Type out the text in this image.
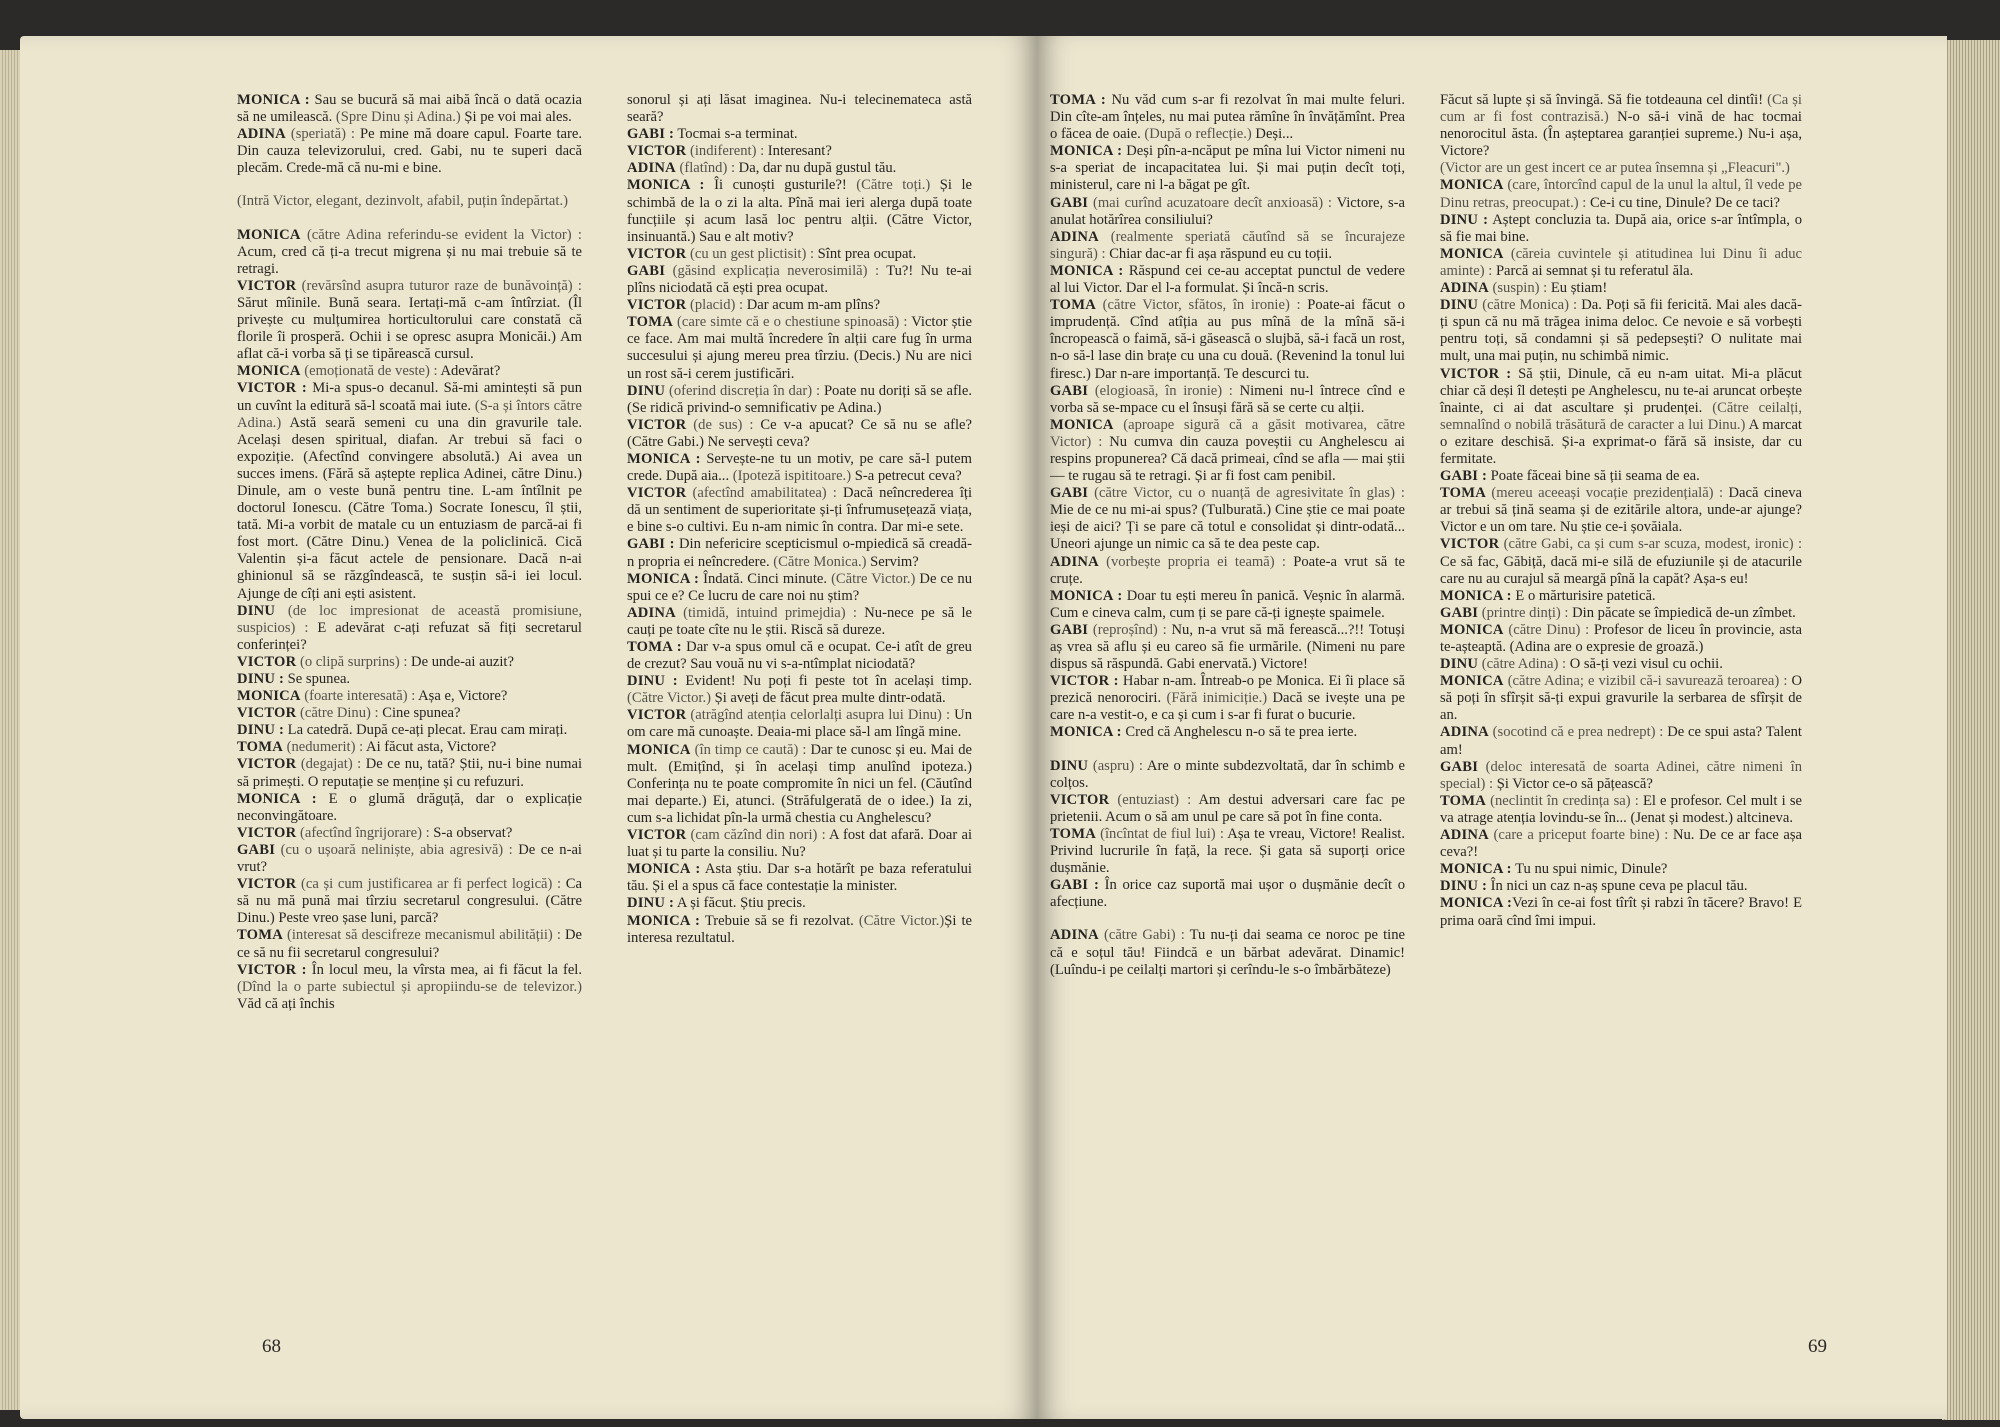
MONICA : Sau se bucură să mai aibă încă o dată ocazia să ne umilească. (Spre Dinu și Adina.) Și pe voi mai ales.

ADINA (speriată) : Pe mine mă doare capul. Foarte tare. Din cauza televizorului, cred. Gabi, nu te superi dacă plecăm. Crede-mă că nu-mi e bine.

(Intră Victor, elegant, dezinvolt, afabil, puțin îndepărtat.)

MONICA (către Adina referindu-se evident la Victor) : Acum, cred că ți-a trecut migrena și nu mai trebuie să te retragi.

VICTOR (revărsînd asupra tuturor raze de bunăvoință) : Sărut mîinile. Bună seara. Iertați-mă c-am întîrziat. (Îl privește cu mulțumirea horticultorului care constată că florile îi prosperă. Ochii i se opresc asupra Monicăi.) Am aflat că-i vorba să ți se tipărească cursul.

MONICA (emoționată de veste) : Adevărat?

VICTOR : Mi-a spus-o decanul. Să-mi amintești să pun un cuvînt la editură să-l scoată mai iute. (S-a și întors către Adina.) Astă seară semeni cu una din gravurile tale. Același desen spiritual, diafan. Ar trebui să faci o expoziție. (Afectînd convingere absolută.) Ai avea un succes imens. (Fără să aștepte replica Adinei, către Dinu.) Dinule, am o veste bună pentru tine. L-am întîlnit pe doctorul Ionescu. (Către Toma.) Socrate Ionescu, îl știi, tată. Mi-a vorbit de matale cu un entuziasm de parcă-ai fi fost mort. (Către Dinu.) Venea de la policlinică. Cică Valentin și-a făcut actele de pensionare. Dacă n-ai ghinionul să se răzgîndească, te susțin să-i iei locul. Ajunge de cîți ani ești asistent.

DINU (de loc impresionat de această promisiune, suspicios) : E adevărat c-ați refuzat să fiți secretarul conferinței?

VICTOR (o clipă surprins) : De unde-ai auzit?

DINU : Se spunea.

MONICA (foarte interesată) : Așa e, Victore?

VICTOR (către Dinu) : Cine spunea?

DINU : La catedră. După ce-ați plecat. Erau cam mirați.

TOMA (nedumerit) : Ai făcut asta, Victore?

VICTOR (degajat) : De ce nu, tată? Știi, nu-i bine numai să primești. O reputație se menține și cu refuzuri.

MONICA : E o glumă drăguță, dar o explicație neconvingătoare.

VICTOR (afectînd îngrijorare) : S-a observat?

GABI (cu o ușoară neliniște, abia agresivă) : De ce n-ai vrut?

VICTOR (ca și cum justificarea ar fi perfect logică) : Ca să nu mă pună mai tîrziu secretarul congresului. (Către Dinu.) Peste vreo șase luni, parcă?

TOMA (interesat să descifreze mecanismul abilității) : De ce să nu fii secretarul congresului?

VICTOR : În locul meu, la vîrsta mea, ai fi făcut la fel. (Dînd la o parte subiectul și apropiindu-se de televizor.) Văd că ați închis

sonorul și ați lăsat imaginea. Nu-i telecinemateca astă seară?

GABI : Tocmai s-a terminat.

VICTOR (indiferent) : Interesant?

ADINA (flatînd) : Da, dar nu după gustul tău.

MONICA : Îi cunoști gusturile?! (Către toți.) Și le schimbă de la o zi la alta. Pînă mai ieri alerga după toate funcțiile și acum lasă loc pentru alții. (Către Victor, insinuantă.) Sau e alt motiv?

VICTOR (cu un gest plictisit) : Sînt prea ocupat.

GABI (găsind explicația neverosimilă) : Tu?! Nu te-ai plîns niciodată că ești prea ocupat.

VICTOR (placid) : Dar acum m-am plîns?

TOMA (care simte că e o chestiune spinoasă) : Victor știe ce face. Am mai multă încredere în alții care fug în urma succesului și ajung mereu prea tîrziu. (Decis.) Nu are nici un rost să-i cerem justificări.

DINU (oferind discreția în dar) : Poate nu doriți să se afle. (Se ridică privind-o semnificativ pe Adina.)

VICTOR (de sus) : Ce v-a apucat? Ce să nu se afle? (Către Gabi.) Ne servești ceva?

MONICA : Servește-ne tu un motiv, pe care să-l putem crede. După aia... (Ipoteză ispititoare.) S-a petrecut ceva?

VICTOR (afectînd amabilitatea) : Dacă neîncrederea îți dă un sentiment de superioritate și-ți înfrumusețează viața, e bine s-o cultivi. Eu n-am nimic în contra. Dar mi-e sete.

GABI : Din nefericire scepticismul o-mpiedică să creadă-n propria ei neîncredere. (Către Monica.) Servim?

MONICA : Îndată. Cinci minute. (Către Victor.) De ce nu spui ce e? Ce lucru de care noi nu știm?

ADINA (timidă, intuind primejdia) : Nu-nece pe să le cauți pe toate cîte nu le știi. Riscă să dureze.

TOMA : Dar v-a spus omul că e ocupat. Ce-i atît de greu de crezut? Sau vouă nu vi s-a-ntîmplat niciodată?

DINU : Evident! Nu poți fi peste tot în același timp. (Către Victor.) Și aveți de făcut prea multe dintr-odată.

VICTOR (atrăgînd atenția celorlalți asupra lui Dinu) : Un om care mă cunoaște. Deaia-mi place să-l am lîngă mine.

MONICA (în timp ce caută) : Dar te cunosc și eu. Mai de mult. (Emițînd, și în același timp anulînd ipoteza.) Conferința nu te poate compromite în nici un fel. (Căutînd mai departe.) Ei, atunci. (Străfulgerată de o idee.) Ia zi, cum s-a lichidat pîn-la urmă chestia cu Anghelescu?

VICTOR (cam căzînd din nori) : A fost dat afară. Doar ai luat și tu parte la consiliu. Nu?

MONICA : Asta știu. Dar s-a hotărît pe baza referatului tău. Și el a spus că face contestație la minister.

DINU : A și făcut. Știu precis.

MONICA : Trebuie să se fi rezolvat. (Către Victor.)Și te interesa rezultatul.

TOMA : Nu văd cum s-ar fi rezolvat în mai multe feluri. Din cîte-am înțeles, nu mai putea rămîne în învățămînt. Prea o făcea de oaie. (După o reflecție.) Deși...

MONICA : Deși pîn-a-ncăput pe mîna lui Victor nimeni nu s-a speriat de incapacitatea lui. Și mai puțin decît toți, ministerul, care ni l-a băgat pe gît.

GABI (mai curînd acuzatoare decît anxioasă) : Victore, s-a anulat hotărîrea consiliului?

ADINA (realmente speriată căutînd să se încurajeze singură) : Chiar dac-ar fi așa răspund eu cu toții.

MONICA : Răspund cei ce-au acceptat punctul de vedere al lui Victor. Dar el l-a formulat. Și încă-n scris.

TOMA (către Victor, sfătos, în ironie) : Poate-ai făcut o imprudență. Cînd atîția au pus mînă de la mînă să-i încropească o faimă, să-i găsească o slujbă, să-i facă un rost, n-o să-l lase din brațe cu una cu două. (Revenind la tonul lui firesc.) Dar n-are importanță. Te descurci tu.

GABI (elogioasă, în ironie) : Nimeni nu-l întrece cînd e vorba să se-mpace cu el însuși fără să se certe cu alții.

MONICA (aproape sigură că a găsit motivarea, către Victor) : Nu cumva din cauza poveștii cu Anghelescu ai respins propunerea? Că dacă primeai, cînd se afla — mai știi — te rugau să te retragi. Și ar fi fost cam penibil.

GABI (către Victor, cu o nuanță de agresivitate în glas) : Mie de ce nu mi-ai spus? (Tulburată.) Cine știe ce mai poate ieși de aici? Ți se pare că totul e consolidat și dintr-odată... Uneori ajunge un nimic ca să te dea peste cap.

ADINA (vorbește propria ei teamă) : Poate-a vrut să te cruțe.

MONICA : Doar tu ești mereu în panică. Veșnic în alarmă. Cum e cineva calm, cum ți se pare că-ți ignește spaimele.

GABI (reproșînd) : Nu, n-a vrut să mă ferească...?!! Totuși aș vrea să aflu și eu careo să fie urmările. (Nimeni nu pare dispus să răspundă. Gabi enervată.) Victore!

VICTOR : Habar n-am. Întreab-o pe Monica. Ei îi place să prezică nenorociri. (Fără inimiciție.) Dacă se ivește una pe care n-a vestit-o, e ca și cum i s-ar fi furat o bucurie.

MONICA : Cred că Anghelescu n-o să te prea ierte.

DINU (aspru) : Are o minte subdezvoltată, dar în schimb e colțos.

VICTOR (entuziast) : Am destui adversari care fac pe prietenii. Acum o să am unul pe care să pot în fine conta.

TOMA (încîntat de fiul lui) : Așa te vreau, Victore! Realist. Privind lucrurile în față, la rece. Și gata să suporți orice dușmănie.

GABI : În orice caz suportă mai ușor o dușmănie decît o afecțiune.

ADINA (către Gabi) : Tu nu-ți dai seama ce noroc pe tine că e soțul tău! Fiindcă e un bărbat adevărat. Dinamic! (Luîndu-i pe ceilalți martori și cerîndu-le s-o îmbărbăteze)

Făcut să lupte și să învingă. Să fie totdeauna cel dintîi! (Ca și cum ar fi fost contrazisă.) N-o să-i vină de hac tocmai nenorocitul ăsta. (În așteptarea garanției supreme.) Nu-i așa, Victore?

(Victor are un gest incert ce ar putea însemna și „Fleacuri".)

MONICA (care, întorcînd capul de la unul la altul, îl vede pe Dinu retras, preocupat.) : Ce-i cu tine, Dinule? De ce taci?

DINU : Aștept concluzia ta. După aia, orice s-ar întîmpla, o să fie mai bine.

MONICA (căreia cuvintele și atitudinea lui Dinu îi aduc aminte) : Parcă ai semnat și tu referatul ăla.

ADINA (suspin) : Eu știam!

DINU (către Monica) : Da. Poți să fii fericită. Mai ales dacă-ți spun că nu mă trăgea inima deloc. Ce nevoie e să vorbești pentru toți, să condamni și să pedepsești? O nulitate mai mult, una mai puțin, nu schimbă nimic.

VICTOR : Să știi, Dinule, că eu n-am uitat. Mi-a plăcut chiar că deși îl detești pe Anghelescu, nu te-ai aruncat orbește înainte, ci ai dat ascultare și prudenței. (Către ceilalți, semnalînd o nobilă trăsătură de caracter a lui Dinu.) A marcat o ezitare deschisă. Și-a exprimat-o fără să insiste, dar cu fermitate.

GABI : Poate făceai bine să ții seama de ea.

TOMA (mereu aceeași vocație prezidențială) : Dacă cineva ar trebui să țină seama și de ezitările altora, unde-ar ajunge? Victor e un om tare. Nu știe ce-i șovăiala.

VICTOR (către Gabi, ca și cum s-ar scuza, modest, ironic) : Ce să fac, Găbiță, dacă mi-e silă de efuziunile și de atacurile care nu au curajul să meargă pînă la capăt? Așa-s eu!

MONICA : E o mărturisire patetică.

GABI (printre dinți) : Din păcate se împiedică de-un zîmbet.

MONICA (către Dinu) : Profesor de liceu în provincie, asta te-așteaptă. (Adina are o expresie de groază.)

DINU (către Adina) : O să-ți vezi visul cu ochii.

MONICA (către Adina; e vizibil că-i savurează teroarea) : O să poți în sfîrșit să-ți expui gravurile la serbarea de sfîrșit de an.

ADINA (socotind că e prea nedrept) : De ce spui asta? Talent am!

GABI (deloc interesată de soarta Adinei, către nimeni în special) : Și Victor ce-o să pățească?

TOMA (neclintit în credința sa) : El e profesor. Cel mult i se va atrage atenția lovindu-se în... (Jenat și modest.) altcineva.

ADINA (care a priceput foarte bine) : Nu. De ce ar face așa ceva?!

MONICA : Tu nu spui nimic, Dinule?

DINU : În nici un caz n-aș spune ceva pe placul tău.

MONICA :Vezi în ce-ai fost tîrît și rabzi în tăcere? Bravo! E prima oară cînd îmi impui.

68	69
